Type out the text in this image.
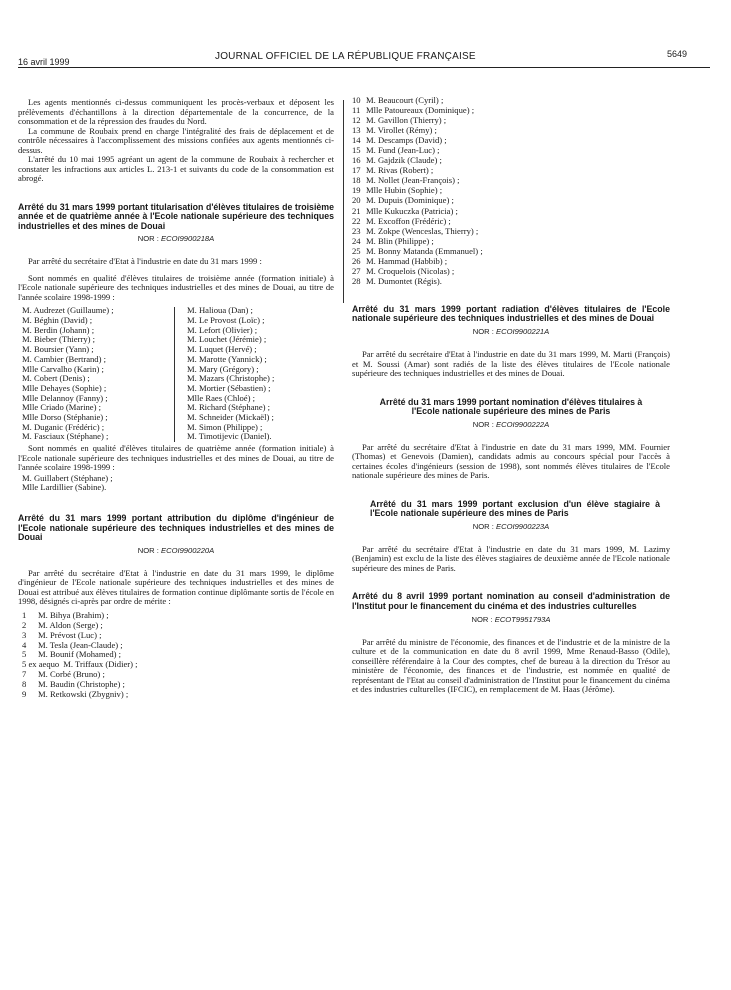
16 avril 1999	JOURNAL OFFICIEL DE LA RÉPUBLIQUE FRANÇAISE	5649

Les agents mentionnés ci-dessus communiquent les procès-verbaux et déposent les prélèvements d'échantillons à la direction départementale de la concurrence, de la consommation et de la répression des fraudes du Nord.

La commune de Roubaix prend en charge l'intégralité des frais de déplacement et de contrôle nécessaires à l'accomplissement des missions confiées aux agents mentionnés ci-dessus.

L'arrêté du 10 mai 1995 agréant un agent de la commune de Roubaix à rechercher et constater les infractions aux articles L. 213-1 et suivants du code de la consommation est abrogé.

Arrêté du 31 mars 1999 portant titularisation d'élèves titulaires de troisième année et de quatrième année à l'Ecole nationale supérieure des techniques industrielles et des mines de Douai
NOR : ECOI9900218A

Par arrêté du secrétaire d'Etat à l'industrie en date du 31 mars 1999 :

Sont nommés en qualité d'élèves titulaires de troisième année (formation initiale) à l'Ecole nationale supérieure des techniques industrielles et des mines de Douai, au titre de l'année scolaire 1998-1999 :

M. Audrezet (Guillaume) ;
M. Béghin (David) ;
M. Berdin (Johann) ;
M. Bieber (Thierry) ;
M. Boursier (Yann) ;
M. Cambier (Bertrand) ;
Mlle Carvalho (Karin) ;
M. Cobert (Denis) ;
Mlle Dehayes (Sophie) ;
Mlle Delannoy (Fanny) ;
Mlle Criado (Marine) ;
Mlle Dorso (Stéphanie) ;
M. Duganic (Frédéric) ;
M. Fasciaux (Stéphane) ;
M. Halioua (Dan) ;
M. Le Provost (Loïc) ;
M. Lefort (Olivier) ;
M. Louchet (Jérémie) ;
M. Luquet (Hervé) ;
M. Marotte (Yannick) ;
M. Mary (Grégory) ;
M. Mazars (Christophe) ;
M. Mortier (Sébastien) ;
Mlle Raes (Chloé) ;
M. Richard (Stéphane) ;
M. Schneider (Mickaël) ;
M. Simon (Philippe) ;
M. Timotijevic (Daniel).

Sont nommés en qualité d'élèves titulaires de quatrième année (formation initiale) à l'Ecole nationale supérieure des techniques industrielles et des mines de Douai, au titre de l'année scolaire 1998-1999 :

M. Guillabert (Stéphane) ;
Mlle Lardillier (Sabine).
Arrêté du 31 mars 1999 portant attribution du diplôme d'ingénieur de l'Ecole nationale supérieure des techniques industrielles et des mines de Douai
NOR : ECOI9900220A

Par arrêté du secrétaire d'Etat à l'industrie en date du 31 mars 1999, le diplôme d'ingénieur de l'Ecole nationale supérieure des techniques industrielles et des mines de Douai est attribué aux élèves titulaires de formation continue diplômante sortis de l'école en 1998, désignés ci-après par ordre de mérite :

1	M. Bihya (Brahim) ;
2	M. Aldon (Serge) ;
3	M. Prévost (Luc) ;
4	M. Tesla (Jean-Claude) ;
5	M. Bounif (Mohamed) ;
5 ex aequo M. Triffaux (Didier) ;
7	M. Corbé (Bruno) ;
8	M. Baudin (Christophe) ;
9	M. Retkowski (Zbygniv) ;
10 M. Beaucourt (Cyril) ;
11 Mlle Patoureaux (Dominique) ;
12 M. Gavillon (Thierry) ;
13 M. Virollet (Rémy) ;
14 M. Descamps (David) ;
15 M. Fund (Jean-Luc) ;
16 M. Gajdzik (Claude) ;
17 M. Rivas (Robert) ;
18 M. Nollet (Jean-François) ;
19 Mlle Hubin (Sophie) ;
20 M. Dupuis (Dominique) ;
21 Mlle Kukuczka (Patricia) ;
22 M. Excoffon (Frédéric) ;
23 M. Zokpe (Wenceslas, Thierry) ;
24 M. Blin (Philippe) ;
25 M. Bonny Matanda (Emmanuel) ;
26 M. Hammad (Habbib) ;
27 M. Croquelois (Nicolas) ;
28 M. Dumontet (Régis).
Arrêté du 31 mars 1999 portant radiation d'élèves titulaires de l'Ecole nationale supérieure des techniques industrielles et des mines de Douai
NOR : ECOI9900221A

Par arrêté du secrétaire d'Etat à l'industrie en date du 31 mars 1999, M. Marti (François) et M. Soussi (Amar) sont radiés de la liste des élèves titulaires de l'Ecole nationale supérieure des techniques industrielles et des mines de Douai.

Arrêté du 31 mars 1999 portant nomination d'élèves titulaires à l'Ecole nationale supérieure des mines de Paris
NOR : ECOI9900222A

Par arrêté du secrétaire d'Etat à l'industrie en date du 31 mars 1999, MM. Fournier (Thomas) et Genevois (Damien), candidats admis au concours spécial pour l'accès à certaines écoles d'ingénieurs (session de 1998), sont nommés élèves titulaires de l'Ecole nationale supérieure des mines de Paris.

Arrêté du 31 mars 1999 portant exclusion d'un élève stagiaire à l'Ecole nationale supérieure des mines de Paris
NOR : ECOI9900223A

Par arrêté du secrétaire d'Etat à l'industrie en date du 31 mars 1999, M. Lazimy (Benjamin) est exclu de la liste des élèves stagiaires de deuxième année de l'Ecole nationale supérieure des mines de Paris.

Arrêté du 8 avril 1999 portant nomination au conseil d'administration de l'Institut pour le financement du cinéma et des industries culturelles
NOR : ECOT9951793A

Par arrêté du ministre de l'économie, des finances et de l'industrie et de la ministre de la culture et de la communication en date du 8 avril 1999, Mme Renaud-Basso (Odile), conseillère référendaire à la Cour des comptes, chef de bureau à la direction du Trésor au ministère de l'économie, des finances et de l'industrie, est nommée en qualité de représentant de l'Etat au conseil d'administration de l'Institut pour le financement du cinéma et des industries culturelles (IFCIC), en remplacement de M. Haas (Jérôme).
